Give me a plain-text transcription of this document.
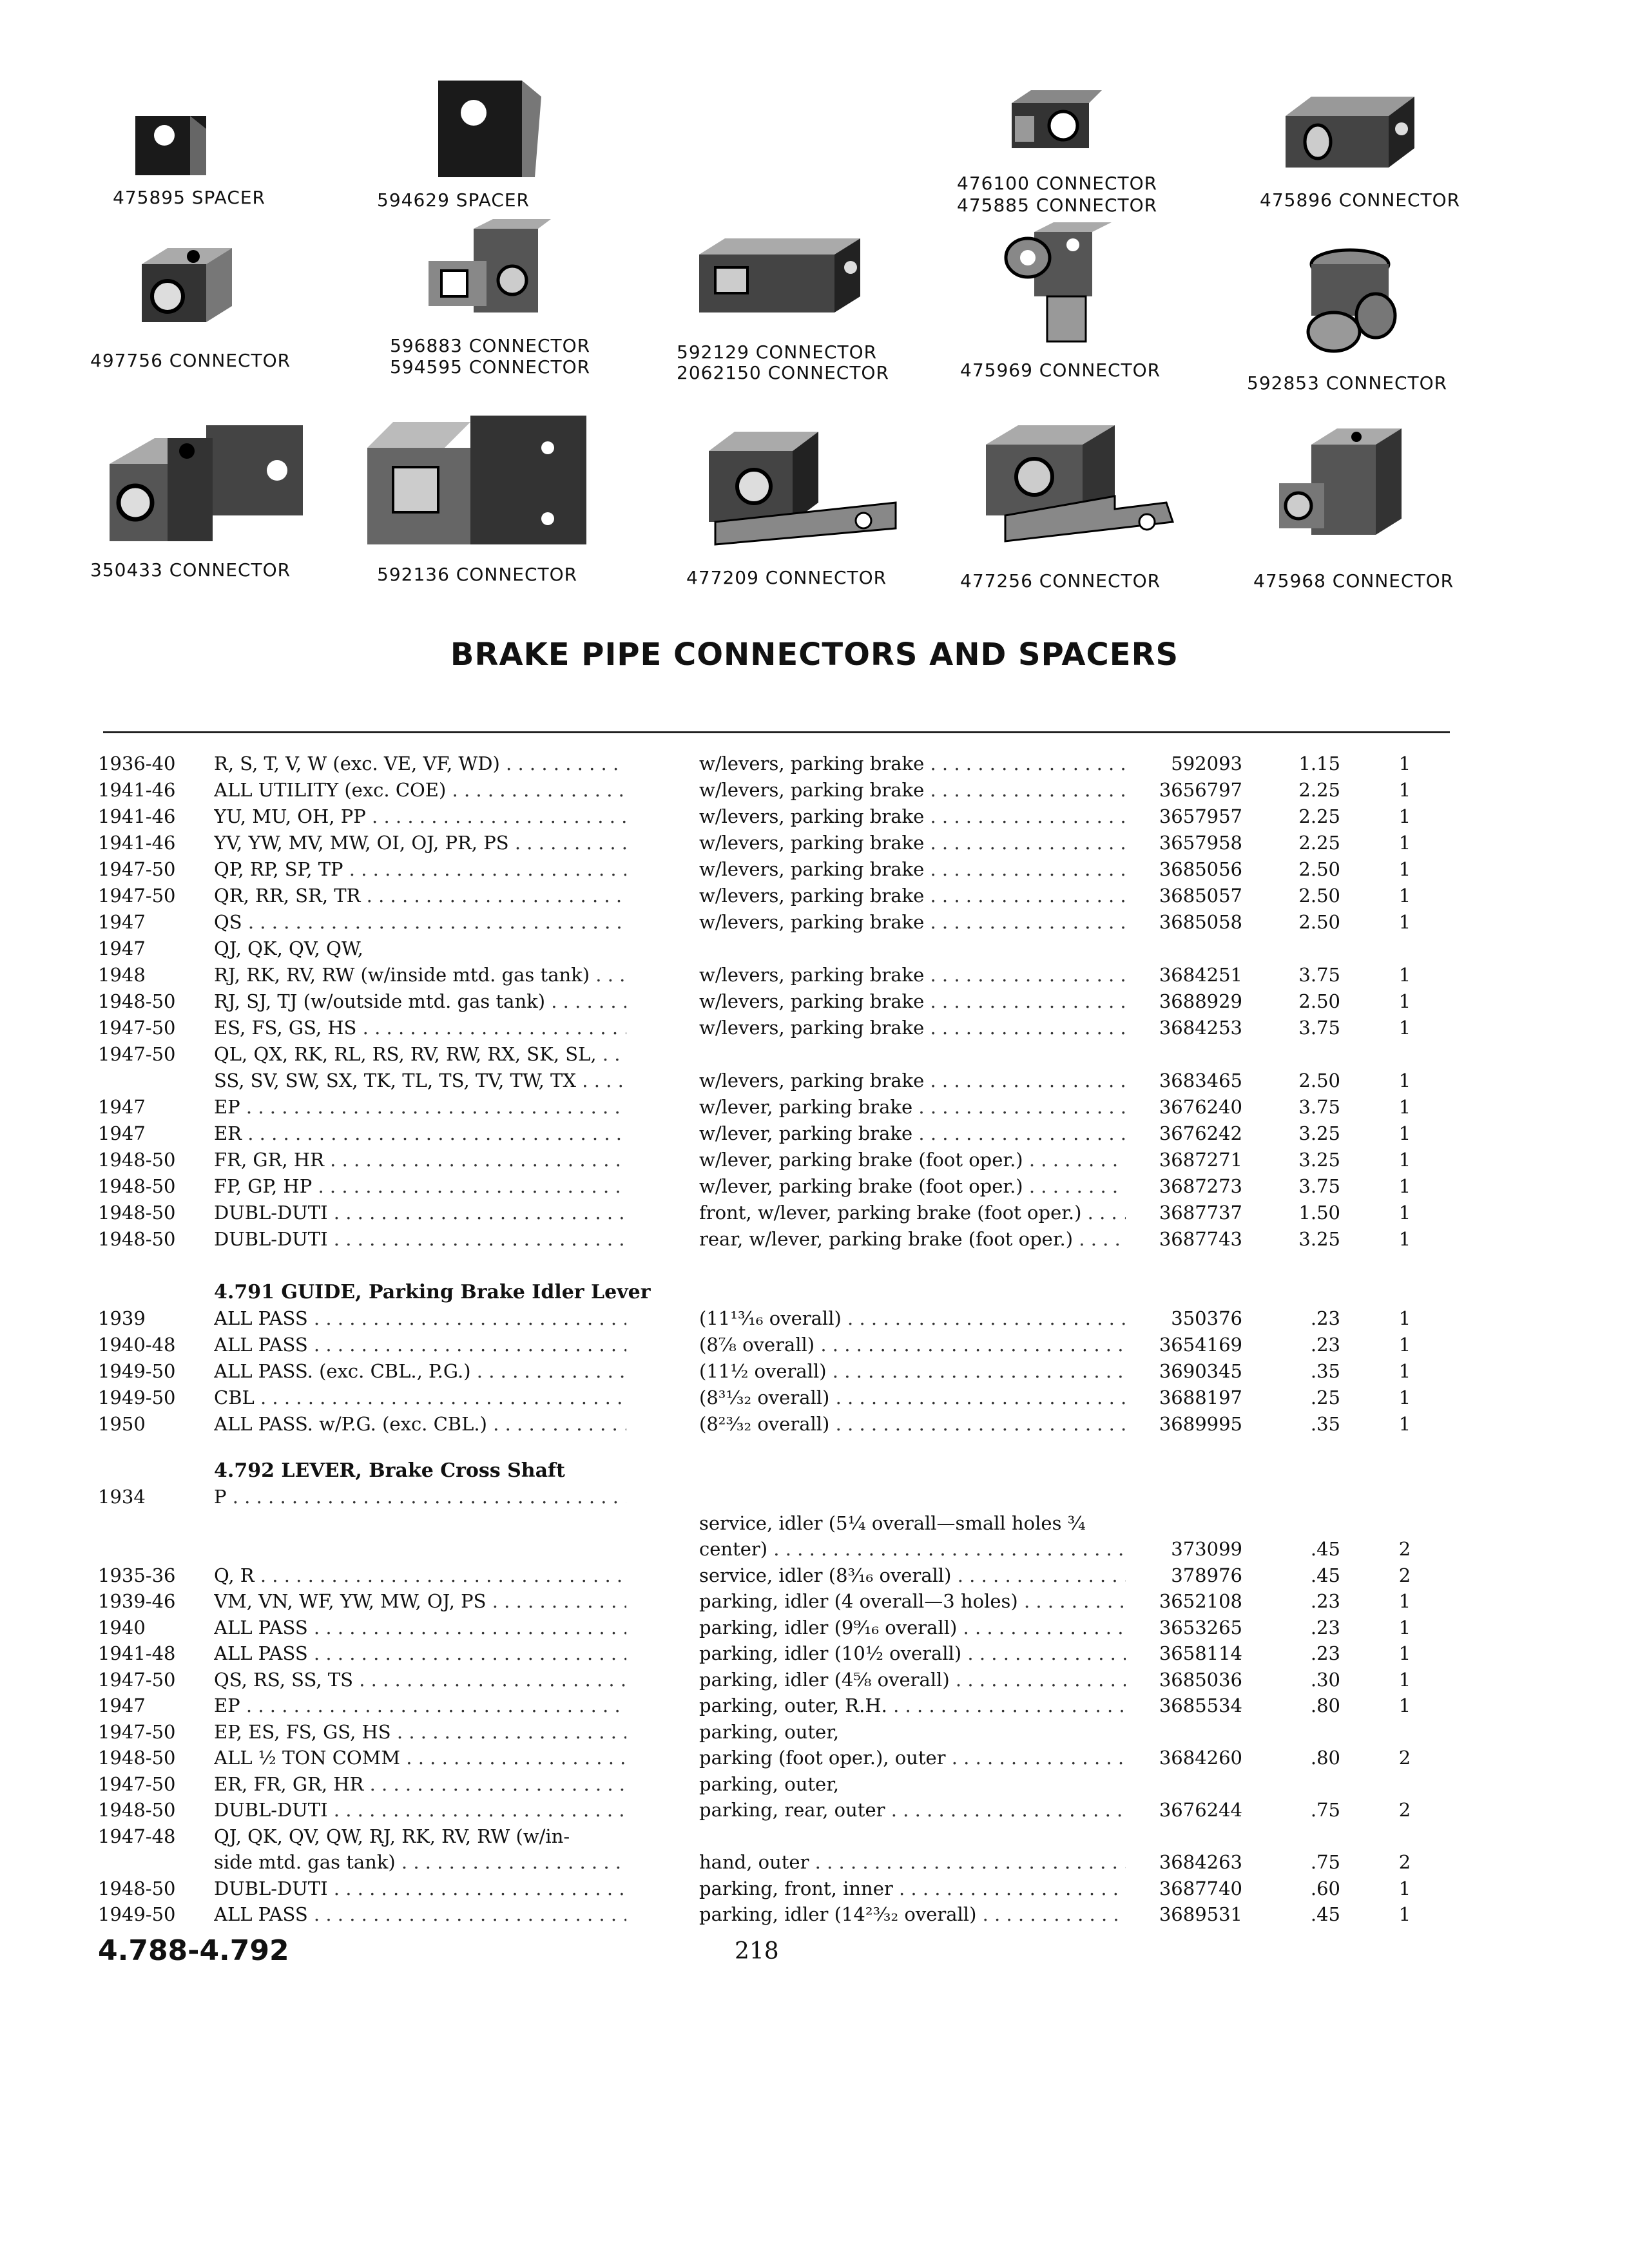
475895 SPACER	594629 SPACER
476100 CONNECTOR
475885 CONNECTOR	475896 CONNECTOR
497756 CONNECTOR
596883 CONNECTOR
594595 CONNECTOR
592129 CONNECTOR
2062150 CONNECTOR	475969 CONNECTOR
592853 CONNECTOR
350433 CONNECTOR	592136 CONNECTOR	477209 CONNECTOR	477256 CONNECTOR	475968 CONNECTOR
BRAKE PIPE CONNECTORS AND SPACERS
1936-40 R, S, T, V, W (exc. VE, VF, WD) . . .	w/levers, parking brake . . .	592093	1.15	1
1941-46 ALL UTILITY (exc. COE) . . .	w/levers, parking brake . . .	3656797	2.25	1
1941-46 YU, MU, OH, PP . . .	w/levers, parking brake . . .	3657957	2.25	1
1941-46 YV, YW, MV, MW, OI, OJ, PR, PS . . .	w/levers, parking brake . . .	3657958	2.25	1
1947-50 QP, RP, SP, TP . . .	w/levers, parking brake . . .	3685056	2.50	1
1947-50 QR, RR, SR, TR . . .	w/levers, parking brake . . .	3685057	2.50	1
1947	QS . . .	w/levers, parking brake . . .	3685058	2.50	1
1947	QJ, QK, QV, QW,
1948	RJ, RK, RV, RW (w/inside mtd. gas tank) . . .	w/levers, parking brake . . .	3684251	3.75	1
1948-50 RJ, SJ, TJ (w/outside mtd. gas tank) . . .	w/levers, parking brake . . .	3688929	2.50	1
1947-50 ES, FS, GS, HS . . .	w/levers, parking brake . . .	3684253	3.75	1
1947-50 QL, QX, RK, RL, RS, RV, RW, RX, SK, SL, . . .
SS, SV, SW, SX, TK, TL, TS, TV, TW, TX . . .	w/levers, parking brake . . .	3683465	2.50	1
1947	EP . . .	w/lever, parking brake . . .	3676240	3.75	1
1947	ER . . .	w/lever, parking brake . . .	3676242	3.25	1
1948-50 FR, GR, HR . . .	w/lever, parking brake (foot oper.) . . .	3687271	3.25	1
1948-50 FP, GP, HP . . .	w/lever, parking brake (foot oper.) . . .	3687273	3.75	1
1948-50 DUBL-DUTI . . .	front, w/lever, parking brake (foot oper.) . . .	3687737	1.50	1
1948-50 DUBL-DUTI . . .	rear, w/lever, parking brake (foot oper.) . . .	3687743	3.25	1
4.791 GUIDE, Parking Brake Idler Lever
1939	ALL PASS . . .	(11¹³⁄₁₆ overall) . . .	350376	.23	1
1940-48 ALL PASS . . .	(8⁷⁄₈ overall) . . .	3654169	.23	1
1949-50 ALL PASS. (exc. CBL., P.G.) . . .	(11½ overall) . . .	3690345	.35	1
1949-50 CBL . . .	(8³¹⁄₃₂ overall) . . .	3688197	.25	1
1950	ALL PASS. w/P.G. (exc. CBL.) . . .	(8²³⁄₃₂ overall) . . .	3689995	.35	1
4.792 LEVER, Brake Cross Shaft
1934	P . . .
service, idler (5¼ overall—small holes ¾
center) . . .	373099	.45	2
1935-36 Q, R . . .	service, idler (8³⁄₁₆ overall) . . .	378976	.45	2
1939-46 VM, VN, WF, YW, MW, OJ, PS . . .	parking, idler (4 overall—3 holes) . . .	3652108	.23	1
1940	ALL PASS . . .	parking, idler (9⁹⁄₁₆ overall) . . .	3653265	.23	1
1941-48 ALL PASS . . .	parking, idler (10½ overall) . . .	3658114	.23	1
1947-50 QS, RS, SS, TS . . .	parking, idler (4⁵⁄₈ overall) . . .	3685036	.30	1
1947	EP . . .	parking, outer, R.H. . . .	3685534	.80	1
1947-50 EP, ES, FS, GS, HS . . .	parking, outer,
1948-50 ALL ½ TON COMM . . .	parking (foot oper.), outer . . .	3684260	.80	2
1947-50 ER, FR, GR, HR . . .	parking, outer,
1948-50 DUBL-DUTI . . .	parking, rear, outer . . .	3676244	.75	2
1947-48 QJ, QK, QV, QW, RJ, RK, RV, RW (w/in-
side mtd. gas tank) . . .	hand, outer . . .	3684263	.75	2
1948-50 DUBL-DUTI . . .	parking, front, inner . . .	3687740	.60	1
1949-50 ALL PASS . . .	parking, idler (14²³⁄₃₂ overall) . . .	3689531	.45	1
4.788-4.792	218
